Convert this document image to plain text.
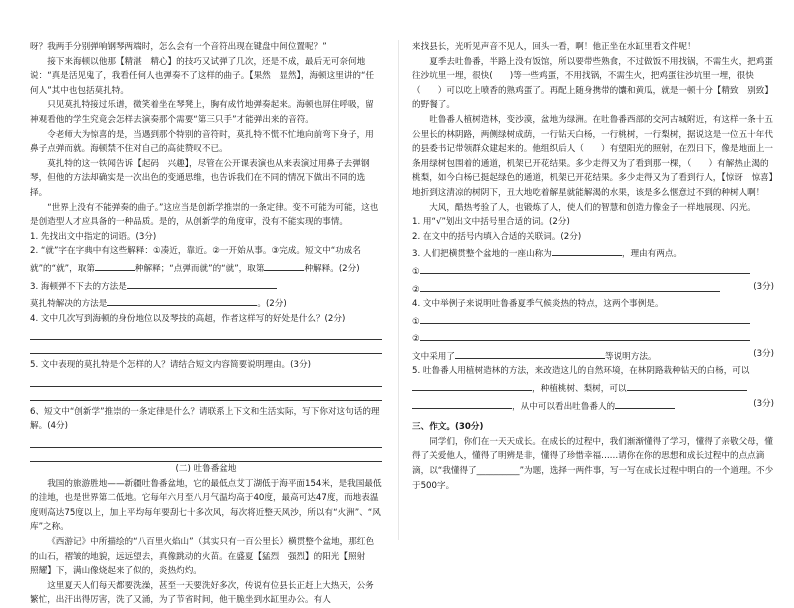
呀？我两手分别弹响钢琴两端时，怎么会有一个音符出现在键盘中间位置呢？”

接下来海顿以他那【精湛　精心】的技巧又试弹了几次，还是不成，最后无可奈何地说：“真是活见鬼了，我看任何人也弹奏不了这样的曲子。【果然　显然】，海顿这里讲的“任何人”其中也包括莫扎特。

只见莫扎特接过乐谱，微笑着坐在琴凳上，胸有成竹地弹奏起来。海顿也屏住呼吸，留神观看他的学生究竟会怎样去演奏那个需要“第三只手”才能弹出来的音符。

令老师大为惊喜的是，当遇到那个特别的音符时，莫扎特不慌不忙地向前弯下身子，用鼻子点弹而就。海顿禁不住对自己的高徒赞叹不已。

莫扎特的这一铁闻告诉【起码　兴趣】，尽管在公开课表演也从来表演过用鼻子去弹钢琴，但他的方法却确实是一次出色的变通思维，也告诉我们在不同的情况下做出不同的选择。

“世界上没有不能弹奏的曲子。”这应当是创新学推崇的一条定律。变不可能为可能，这也是创造型人才应具备的一种品质。是的，从创新学的角度审，没有不能实现的事情。

1. 先找出文中指定的词语。(3分)

2. “就”字在字典中有这些解释：①凑近，靠近。②一开始从事。③完成。短文中“功成名就”的“就”，取第	种解释；“点弹而就”的“就”，取第	种解释。(2分)

3. 海顿弹不下去的方法是

莫扎特解决的方法是	。(2分)

4. 文中几次写到海顿的身份地位以及琴技的高超，作者这样写的好处是什么？(2分)

5. 文中表现的莫扎特是个怎样的人？请结合短文内容简要说明理由。(3分)

6、短文中“创新学”推崇的一条定律是什么？请联系上下文和生活实际，写下你对这句话的理解。(4分)

(二) 吐鲁番盆地

我国的旅游胜地——新疆吐鲁番盆地，它的最低点艾丁湖低于海平面154米，是我国最低的洼地，也是世界第二低地。它每年六月至八月气温均高于40度，最高可达47度，而地表温度则高达75度以上，加上平均每年要刮七十多次风，每次将近整天风沙，所以有“火洲”、“风库”之称。

《西游记》中所描绘的“八百里火焰山”（其实只有一百公里长）横贯整个盆地，那红色的山石，褶皱的地貌，远远望去，真像跳动的火苗。在盛夏【猛烈　强烈】的阳光【照射　照耀】下，满山像烧起来了似的，炎热灼灼。

这里夏天人们每天都要洗澡，甚至一天要洗好多次，传说有位县长正赶上大热天，公务繁忙，出汗出得厉害，洗了又涌，为了节省时间，他干脆坐到水缸里办公。有人

来找县长，光听见声音不见人，回头一看，啊！他正坐在水缸里看文件呢！

夏季去吐鲁番，半路上没有饭馆，所以要带些熟食，不过做饭不用找锅，不需生火，把鸡蛋往沙坑里一埋，很快(　　)等一些鸡蛋，不用找锅，不需生火，把鸡蛋往沙坑里一埋，很快（　　）可以吃上喷香的熟鸡蛋了。再配上随身携带的馕和黄瓜，就是一顿十分【精致　别致】的野餐了。

吐鲁番人植树造林，变沙漠，盆地为绿洲。在吐鲁番西部的交河古城附近，有这样一条十五公里长的林阴路，两侧绿树成荫，一行钻天白杨，一行桃树，一行梨树，据说这是一位五十年代的县委书记带领群众建起来的。他组织后人（　　）有望阳光的照射，在烈日下，像是地面上一条用绿树包围着的通道，机架已开花结果。多少走得又为了看到那一棵，（　　）有解热止渴的桃梨，如今白杨已挺起绿色的通道，机架已开花结果。多少走得又为了看到行人，【惊讶　惊喜】地折到这清凉的树阴下，丑大地吃着解星就能解渴的水果，该是多么惬意过不到的种树人啊！

大风，酷热考验了人，也锻炼了人，使人们的智慧和创造力像金子一样地展现、闪光。

1. 用“√”划出文中括号里合适的词。(2分)

2. 在文中的括号内填入合适的关联词。(2分)

3. 人们把横贯整个盆地的一座山称为	，理由有两点。

①

②	(3分)

4. 文中举例子来说明吐鲁番夏季气候炎热的特点，这两个事例是。

①

②

文中采用了	等说明方法。	(3分)

5. 吐鲁番人用植树造林的方法，来改造这儿的自然环境，在林阴路栽种钻天的白杨，可以

，种植桃树、梨树，可以

，从中可以看出吐鲁番人的	(3分)

三、作文。(30分)

同学们，你们在一天天成长。在成长的过程中，我们渐渐懂得了学习，懂得了亲敬父母，懂得了关爱他人，懂得了明辨是非，懂得了珍惜幸福……请你在你的思想和成长过程中的点点滴滴，以“我懂得了__________”为题，选择一两件事，写一写在成长过程中明白的一个道理。不少于500字。
